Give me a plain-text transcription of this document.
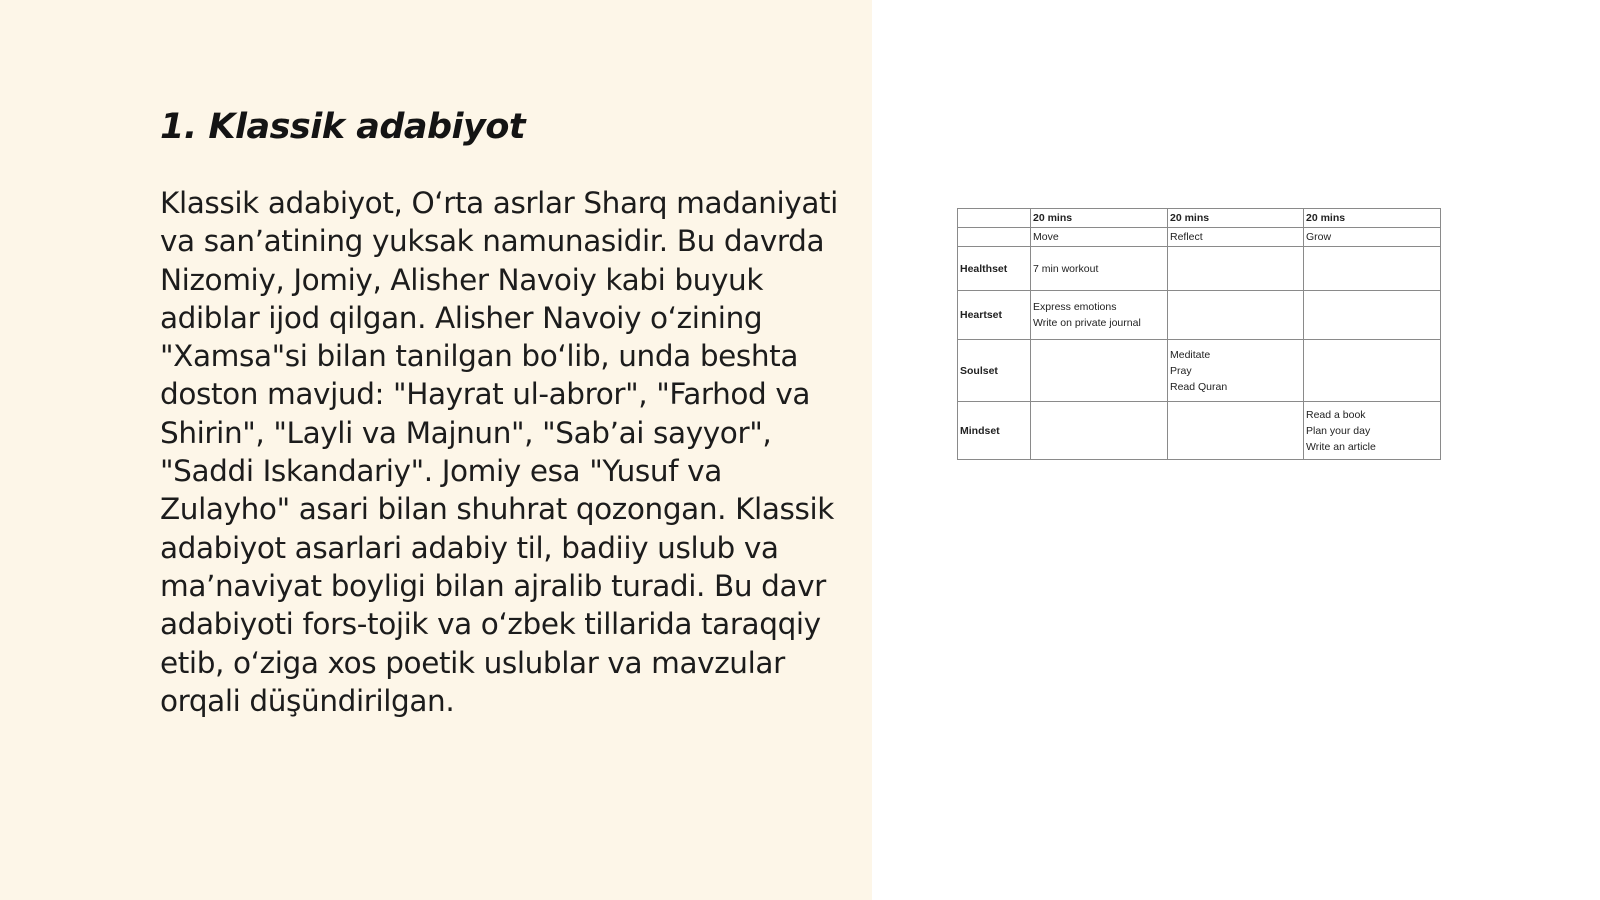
1. Klassik adabiyot

Klassik adabiyot, O‘rta asrlar Sharq madaniyati va san’atining yuksak namunasidir. Bu davrda Nizomiy, Jomiy, Alisher Navoiy kabi buyuk adiblar ijod qilgan. Alisher Navoiy o‘zining "Xamsa"si bilan tanilgan bo‘lib, unda beshta doston mavjud: "Hayrat ul-abror", "Farhod va Shirin", "Layli va Majnun", "Sab’ai sayyor", "Saddi Iskandariy". Jomiy esa "Yusuf va Zulayho" asari bilan shuhrat qozongan. Klassik adabiyot asarlari adabiy til, badiiy uslub va ma’naviyat boyligi bilan ajralib turadi. Bu davr adabiyoti fors-tojik va o‘zbek tillarida taraqqiy etib, o‘ziga xos poetik uslublar va mavzular orqali düşündirilgan.

	20 mins	20 mins	20 mins
	Move	Reflect	Grow
Healthset	7 min workout		

Heartset	Express emotions
Write on private journal		

Soulset		Meditate
Pray
Read Quran	

Mindset			Read a book
Plan your day
Write an article
